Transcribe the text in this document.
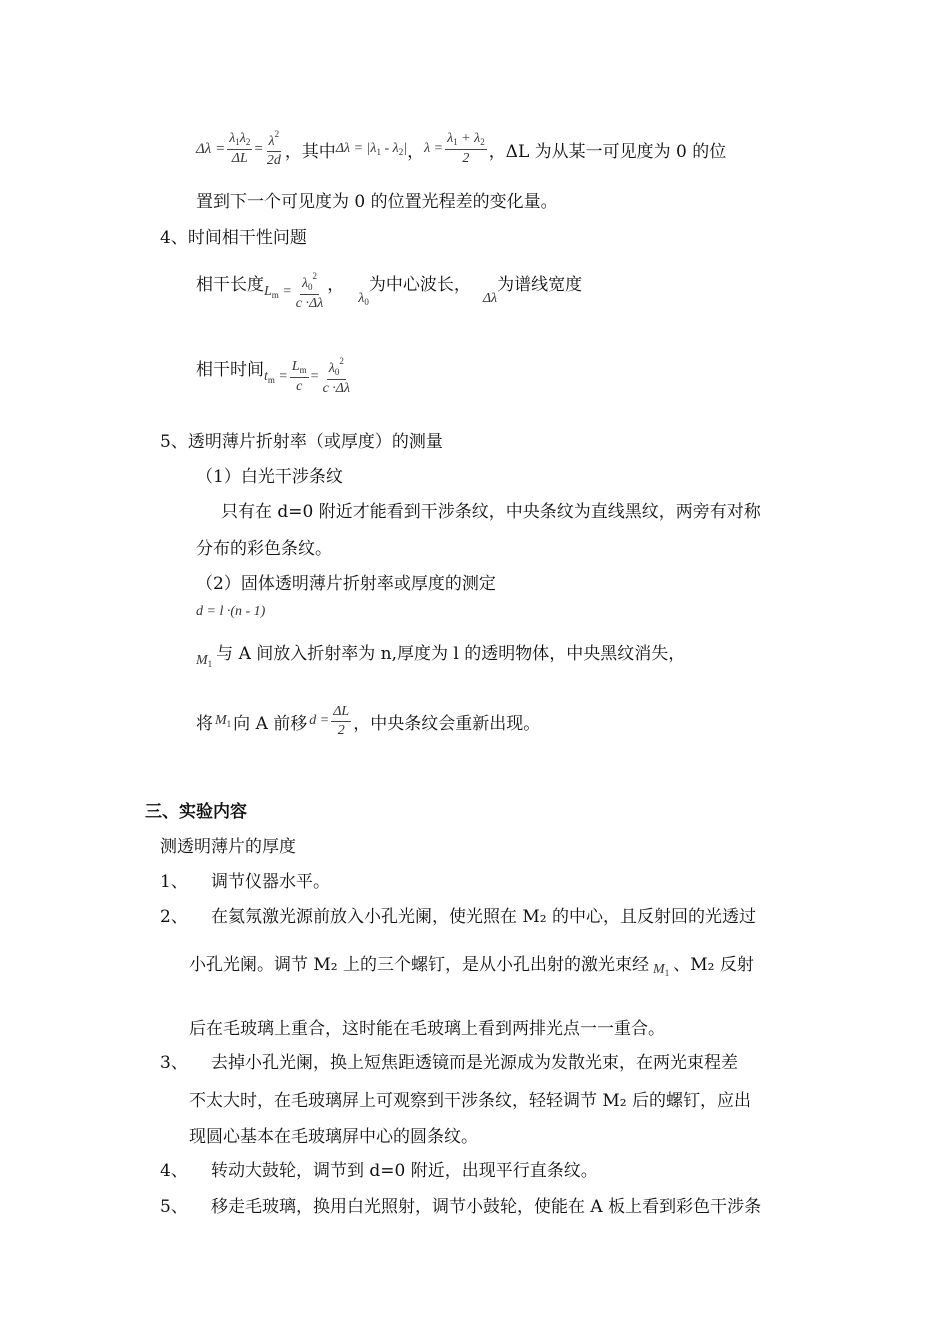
$\Delta\lambda = \frac{\lambda_1\lambda_2}{\Delta L} = \frac{\lambda^2}{2d}$ ，其中 $\Delta\lambda = |\lambda_1 - \lambda_2|$ ， $\lambda = \frac{\lambda_1 + \lambda_2}{2}$ ，ΔL 为从某一可见度为 0 的位
置到下一个可见度为 0 的位置光程差的变化量。
4、时间相干性问题
相干长度 $L_m = \frac{\lambda_0^2}{c \cdot\Delta\lambda}$ ，
$\lambda_0$
为中心波长，
Δλ
为谱线宽度
相干时间 $t_m = \frac{L_m}{c} = \frac{\lambda_0^2}{c \cdot\Delta\lambda}$
5、透明薄片折射率（或厚度）的测量
（1）白光干涉条纹
只有在 d=0 附近才能看到干涉条纹，中央条纹为直线黑纹，两旁有对称
分布的彩色条纹。
（2）固体透明薄片折射率或厚度的测定
d = l ·(n - 1)
$M_1$ 与 A 间放入折射率为 n,厚度为 l 的透明物体，中央黑纹消失，
将 $M_1$ 向 A 前移 $d = \frac{\Delta L}{2}$ ，中央条纹会重新出现。
三、实验内容
测透明薄片的厚度
1、 调节仪器水平。
2、 在氦氖激光源前放入小孔光阑，使光照在 M₂ 的中心，且反射回的光透过
小孔光阑。调节 M₂ 上的三个螺钉，是从小孔出射的激光束经 $M_1$ 、M₂ 反射
后在毛玻璃上重合，这时能在毛玻璃上看到两排光点一一重合。
3、 去掉小孔光阑，换上短焦距透镜而是光源成为发散光束，在两光束程差
不太大时，在毛玻璃屏上可观察到干涉条纹，轻轻调节 M₂ 后的螺钉，应出
现圆心基本在毛玻璃屏中心的圆条纹。
4、 转动大鼓轮，调节到 d=0 附近，出现平行直条纹。
5、 移走毛玻璃，换用白光照射，调节小鼓轮，使能在 A 板上看到彩色干涉条
